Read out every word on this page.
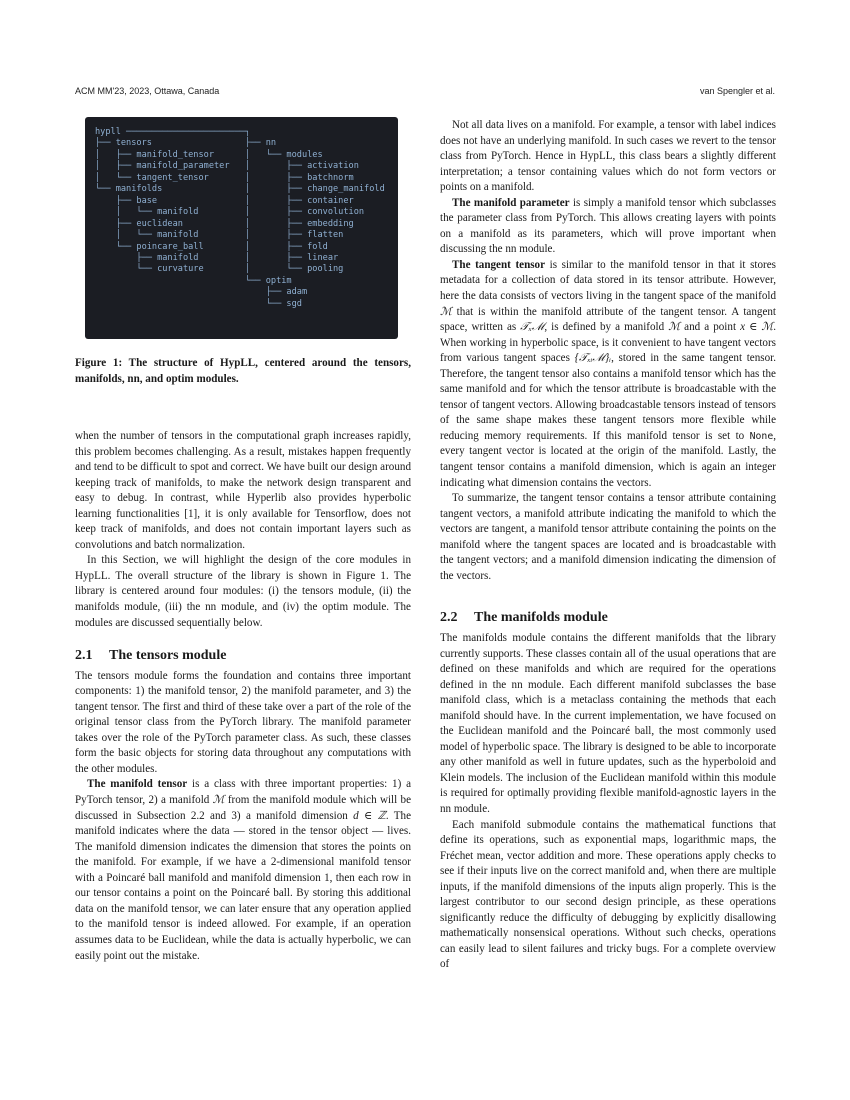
ACM MM'23, 2023, Ottawa, Canada	van Spengler et al.
hypll ───────────────────────┐
├── tensors                  ├── nn
│   ├── manifold_tensor      │   └── modules
│   ├── manifold_parameter   │       ├── activation
│   └── tangent_tensor       │       ├── batchnorm
└── manifolds                │       ├── change_manifold
├── base                 │       ├── container
│   └── manifold         │       ├── convolution
├── euclidean            │       ├── embedding
│   └── manifold         │       ├── flatten
└── poincare_ball        │       ├── fold
├── manifold         │       ├── linear
└── curvature        │       └── pooling
└── optim
├── adam
└── sgd
Figure 1: The structure of HypLL, centered around the tensors, manifolds, nn, and optim modules.

when the number of tensors in the computational graph increases rapidly, this problem becomes challenging. As a result, mistakes happen frequently and tend to be difficult to spot and correct. We have built our design around keeping track of manifolds, to make the network design transparent and easy to debug. In contrast, while Hyperlib also provides hyperbolic learning functionalities [1], it is only available for Tensorflow, does not keep track of manifolds, and does not contain important layers such as convolutions and batch normalization.

In this Section, we will highlight the design of the core modules in HypLL. The overall structure of the library is shown in Figure 1. The library is centered around four modules: (i) the tensors module, (ii) the manifolds module, (iii) the nn module, and (iv) the optim module. The modules are discussed sequentially below.

2.1 The tensors module

The tensors module forms the foundation and contains three important components: 1) the manifold tensor, 2) the manifold parameter, and 3) the tangent tensor. The first and third of these take over a part of the role of the original tensor class from the PyTorch library. The manifold parameter takes over the role of the PyTorch parameter class. As such, these classes form the basic objects for storing data throughout any computations with the other modules.

The manifold tensor is a class with three important properties: 1) a PyTorch tensor, 2) a manifold ℳ from the manifold module which will be discussed in Subsection 2.2 and 3) a manifold dimension d ∈ ℤ. The manifold indicates where the data — stored in the tensor object — lives. The manifold dimension indicates the dimension that stores the points on the manifold. For example, if we have a 2-dimensional manifold tensor with a Poincaré ball manifold and manifold dimension 1, then each row in our tensor contains a point on the Poincaré ball. By storing this additional data on the manifold tensor, we can later ensure that any operation applied to the manifold tensor is indeed allowed. For example, if an operation assumes data to be Euclidean, while the data is actually hyperbolic, we can easily point out the mistake.

Not all data lives on a manifold. For example, a tensor with label indices does not have an underlying manifold. In such cases we revert to the tensor class from PyTorch. Hence in HypLL, this class bears a slightly different interpretation; a tensor containing values which do not form vectors or points on a manifold.

The manifold parameter is simply a manifold tensor which subclasses the parameter class from PyTorch. This allows creating layers with points on a manifold as its parameters, which will prove important when discussing the nn module.

The tangent tensor is similar to the manifold tensor in that it stores metadata for a collection of data stored in its tensor attribute. However, here the data consists of vectors living in the tangent space of the manifold ℳ that is within the manifold attribute of the tangent tensor. A tangent space, written as 𝒯ₓℳ, is defined by a manifold ℳ and a point x ∈ ℳ. When working in hyperbolic space, is it convenient to have tangent vectors from various tangent spaces {𝒯ₓᵢℳ}ᵢ, stored in the same tangent tensor. Therefore, the tangent tensor also contains a manifold tensor which has the same manifold and for which the tensor attribute is broadcastable with the tensor of tangent vectors. Allowing broadcastable tensors instead of tensors of the same shape makes these tangent tensors more flexible while reducing memory requirements. If this manifold tensor is set to None, every tangent vector is located at the origin of the manifold. Lastly, the tangent tensor contains a manifold dimension, which is again an integer indicating what dimension contains the vectors.

To summarize, the tangent tensor contains a tensor attribute containing tangent vectors, a manifold attribute indicating the manifold to which the vectors are tangent, a manifold tensor attribute containing the points on the manifold where the tangent spaces are located and is broadcastable with the tangent vectors; and a manifold dimension indicating the dimension of the vectors.

2.2 The manifolds module

The manifolds module contains the different manifolds that the library currently supports. These classes contain all of the usual operations that are defined on these manifolds and which are required for the operations defined in the nn module. Each different manifold subclasses the base manifold class, which is a metaclass containing the methods that each manifold should have. In the current implementation, we have focused on the Euclidean manifold and the Poincaré ball, the most commonly used model of hyperbolic space. The library is designed to be able to incorporate any other manifold as well in future updates, such as the hyperboloid and Klein models. The inclusion of the Euclidean manifold within this module is required for optimally providing flexible manifold-agnostic layers in the nn module.

Each manifold submodule contains the mathematical functions that define its operations, such as exponential maps, logarithmic maps, the Fréchet mean, vector addition and more. These operations apply checks to see if their inputs live on the correct manifold and, when there are multiple inputs, if the manifold dimensions of the inputs align properly. This is the largest contributor to our second design principle, as these operations significantly reduce the difficulty of debugging by explicitly disallowing mathematically nonsensical operations. Without such checks, operations can easily lead to silent failures and tricky bugs. For a complete overview of
